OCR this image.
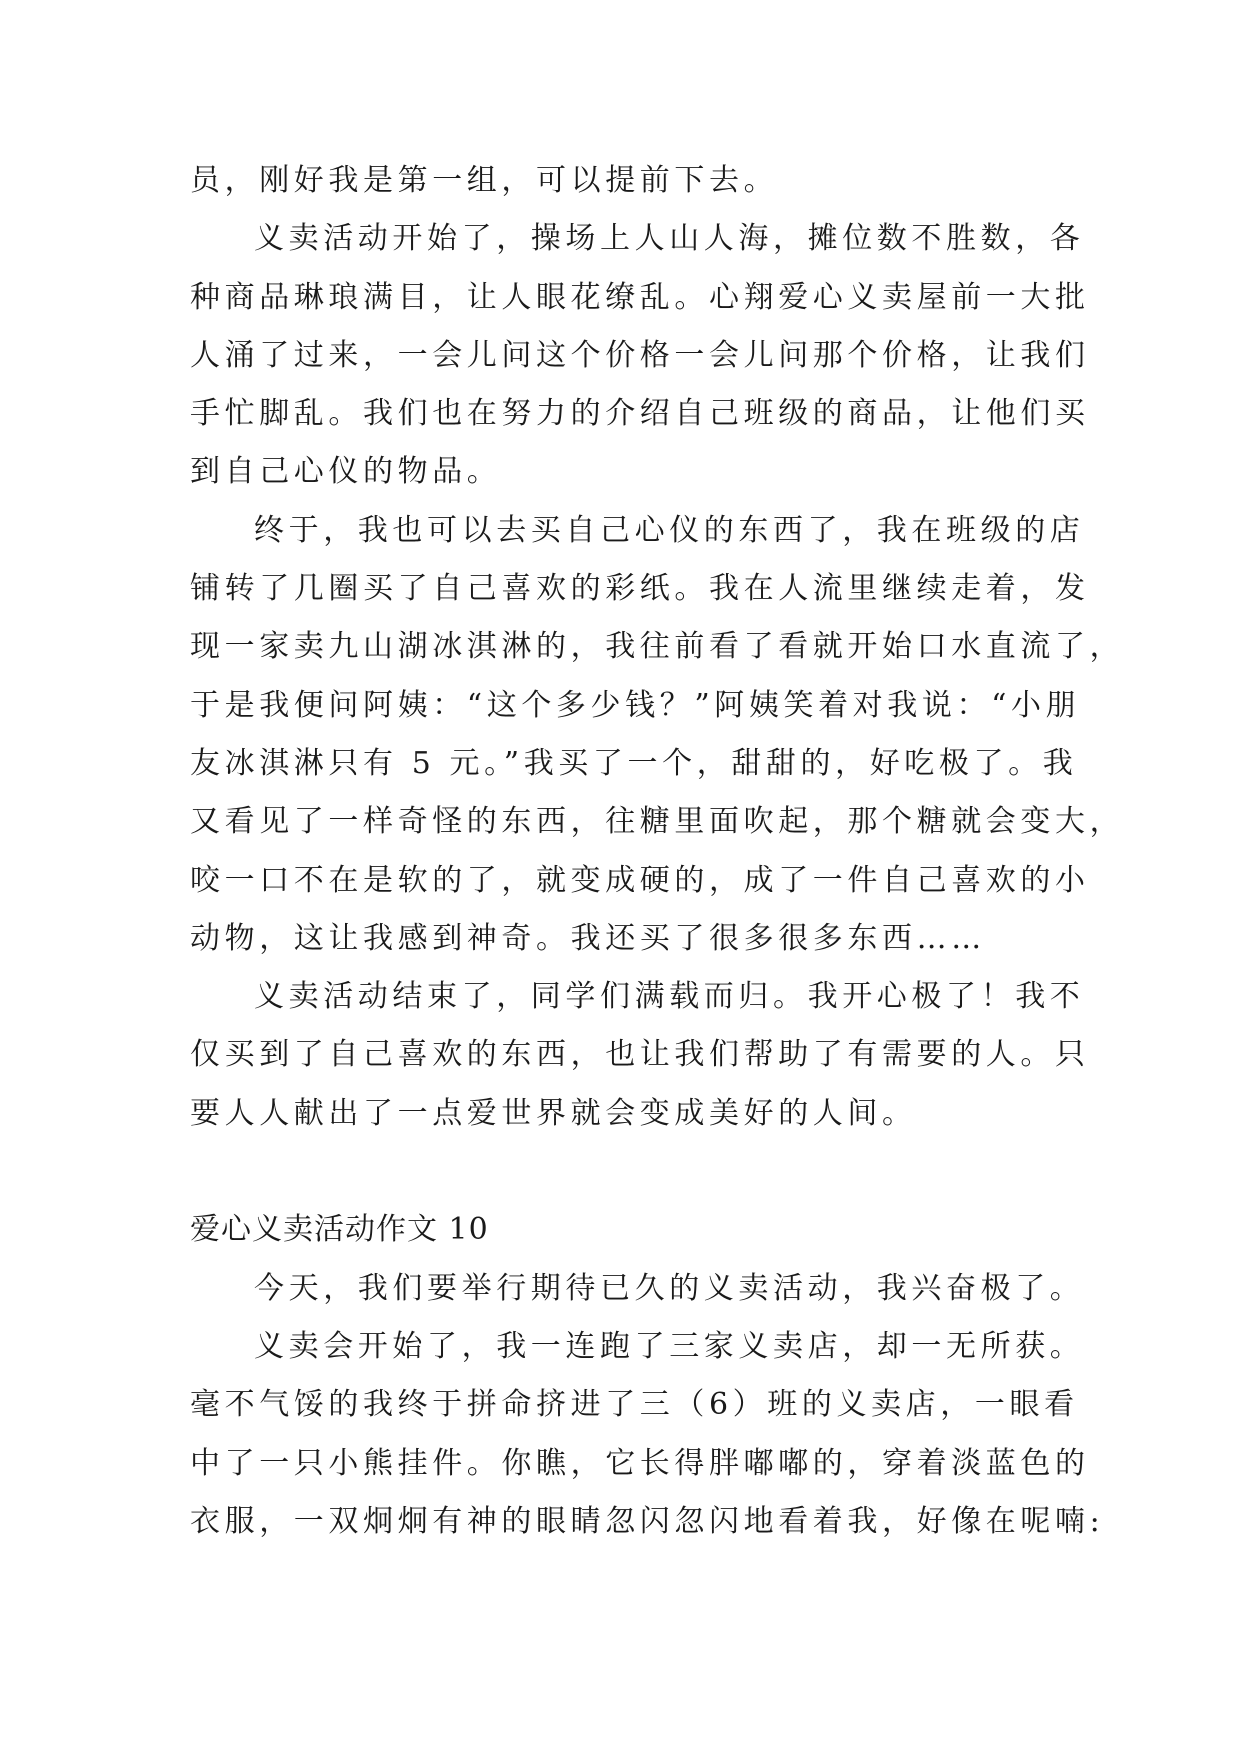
员，刚好我是第一组，可以提前下去。
义卖活动开始了，操场上人山人海，摊位数不胜数，各
种商品琳琅满目，让人眼花缭乱。心翔爱心义卖屋前一大批
人涌了过来，一会儿问这个价格一会儿问那个价格，让我们
手忙脚乱。我们也在努力的介绍自己班级的商品，让他们买
到自己心仪的物品。
终于，我也可以去买自己心仪的东西了，我在班级的店
铺转了几圈买了自己喜欢的彩纸。我在人流里继续走着，发
现一家卖九山湖冰淇淋的，我往前看了看就开始口水直流了，
于是我便问阿姨：“这个多少钱？”阿姨笑着对我说：“小朋
友冰淇淋只有 5 元。”我买了一个，甜甜的，好吃极了。我
又看见了一样奇怪的东西，往糖里面吹起，那个糖就会变大，
咬一口不在是软的了，就变成硬的，成了一件自己喜欢的小
动物，这让我感到神奇。我还买了很多很多东西……
义卖活动结束了，同学们满载而归。我开心极了！我不
仅买到了自己喜欢的东西，也让我们帮助了有需要的人。只
要人人献出了一点爱世界就会变成美好的人间。
爱心义卖活动作文 10
今天，我们要举行期待已久的义卖活动，我兴奋极了。
义卖会开始了，我一连跑了三家义卖店，却一无所获。
毫不气馁的我终于拼命挤进了三（6）班的义卖店，一眼看
中了一只小熊挂件。你瞧，它长得胖嘟嘟的，穿着淡蓝色的
衣服，一双炯炯有神的眼睛忽闪忽闪地看着我，好像在呢喃:
